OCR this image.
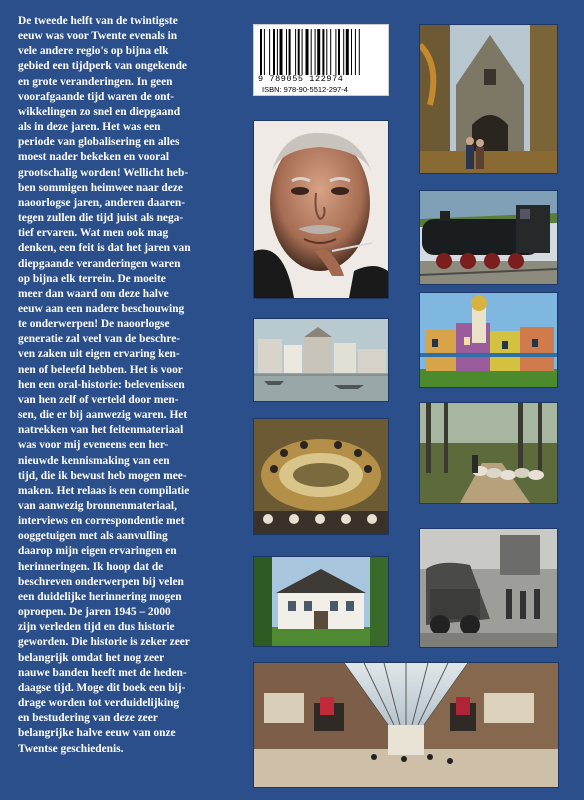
De tweede helft van de twintigste
eeuw was voor Twente evenals in
vele andere regio's op bijna elk
gebied een tijdperk van ongekende
en grote veranderingen. In geen
voorafgaande tijd waren de ont-
wikkelingen zo snel en diepgaand
als in deze jaren. Het was een
periode van globalisering en alles
moest nader bekeken en vooral
grootschalig worden! Wellicht heb-
ben sommigen heimwee naar deze
naoorlogse jaren, anderen daaren-
tegen zullen die tijd juist als nega-
tief ervaren. Wat men ook mag
denken, een feit is dat het jaren van
diepgaande veranderingen waren
op bijna elk terrein. De moeite
meer dan waard om deze halve
eeuw aan een nadere beschouwing
te onderwerpen! De naoorlogse
generatie zal veel van de beschre-
ven zaken uit eigen ervaring ken-
nen of beleefd hebben. Het is voor
hen een oral-historie: belevenissen
van hen zelf of verteld door men-
sen, die er bij aanwezig waren. Het
natrekken van het feitenmateriaal
was voor mij eveneens een her-
nieuwde kennismaking van een
tijd, die ik bewust heb mogen mee-
maken. Het relaas is een compilatie
van aanwezig bronnenmateriaal,
interviews en correspondentie met
ooggetuigen met als aanvulling
daarop mijn eigen ervaringen en
herinneringen. Ik hoop dat de
beschreven onderwerpen bij velen
een duidelijke herinnering mogen
oproepen. De jaren 1945 – 2000
zijn verleden tijd en dus historie
geworden. Die historie is zeker zeer
belangrijk omdat het nog zeer
nauwe banden heeft met de heden-
daagse tijd. Moge dit boek een bij-
drage worden tot verduidelijking
en bestudering van deze zeer
belangrijke halve eeuw van onze
Twentse geschiedenis.
9 789055 122974
ISBN: 978-90-5512-297-4
